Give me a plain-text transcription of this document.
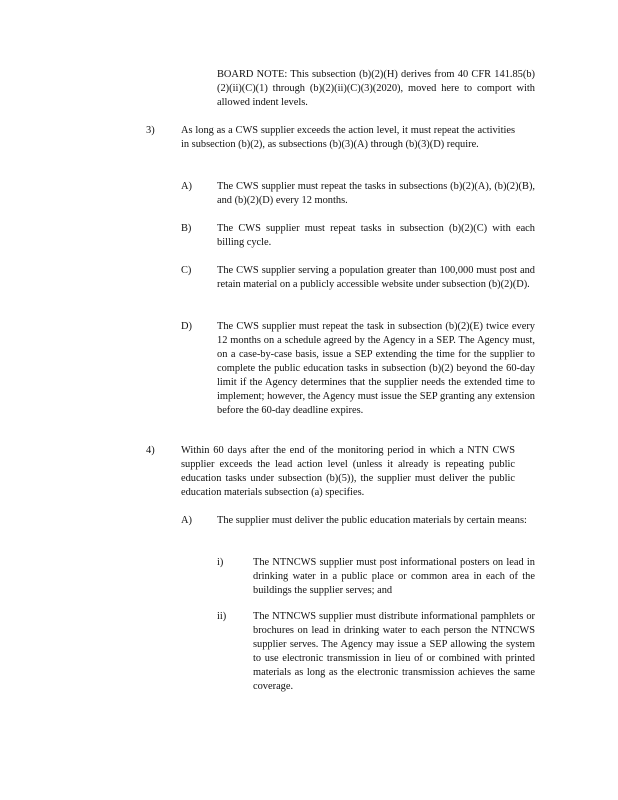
BOARD NOTE: This subsection (b)(2)(H) derives from 40 CFR 141.85(b)(2)(ii)(C)(1) through (b)(2)(ii)(C)(3)(2020), moved here to comport with allowed indent levels.

3)	As long as a CWS supplier exceeds the action level, it must repeat the activities in subsection (b)(2), as subsections (b)(3)(A) through (b)(3)(D) require.

A) The CWS supplier must repeat the tasks in subsections (b)(2)(A), (b)(2)(B), and (b)(2)(D) every 12 months.

B) The CWS supplier must repeat tasks in subsection (b)(2)(C) with each billing cycle.

C) The CWS supplier serving a population greater than 100,000 must post and retain material on a publicly accessible website under subsection (b)(2)(D).

D) The CWS supplier must repeat the task in subsection (b)(2)(E) twice every 12 months on a schedule agreed by the Agency in a SEP. The Agency must, on a case-by-case basis, issue a SEP extending the time for the supplier to complete the public education tasks in subsection (b)(2) beyond the 60-day limit if the Agency determines that the supplier needs the extended time to implement; however, the Agency must issue the SEP granting any extension before the 60-day deadline expires.

4)	Within 60 days after the end of the monitoring period in which a NTN CWS supplier exceeds the lead action level (unless it already is repeating public education tasks under subsection (b)(5)), the supplier must deliver the public education materials subsection (a) specifies.

A) The supplier must deliver the public education materials by certain means:

i)	The NTNCWS supplier must post informational posters on lead in drinking water in a public place or common area in each of the buildings the supplier serves; and

ii)	The NTNCWS supplier must distribute informational pamphlets or brochures on lead in drinking water to each person the NTNCWS supplier serves. The Agency may issue a SEP allowing the system to use electronic transmission in lieu of or combined with printed materials as long as the electronic transmission achieves the same coverage.
